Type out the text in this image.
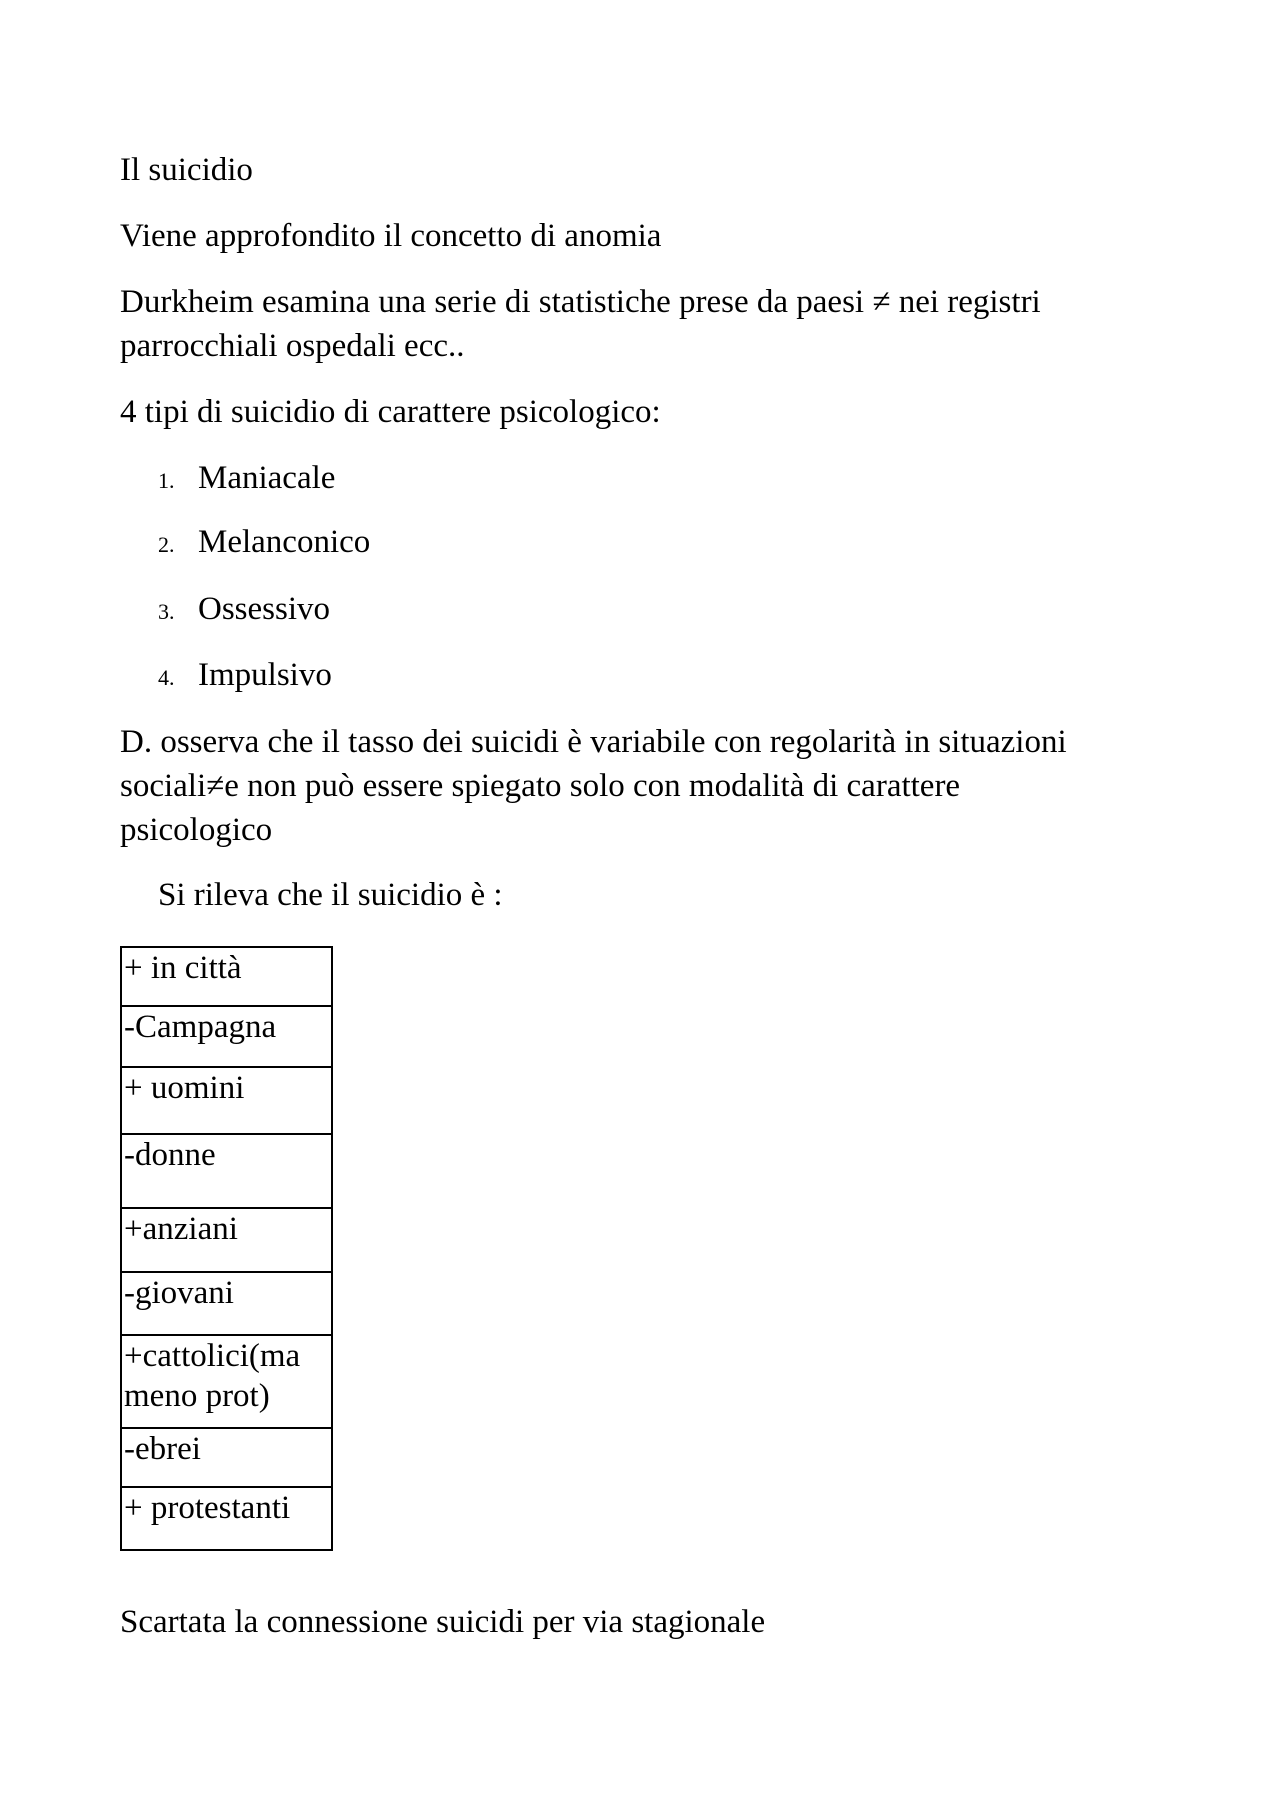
Il suicidio

Viene approfondito il concetto di anomia

Durkheim esamina una serie di statistiche prese da paesi ≠ nei registri

parrocchiali ospedali ecc..

4 tipi di suicidio di carattere psicologico:

1. Maniacale
2. Melanconico
3. Ossessivo
4. Impulsivo

D. osserva che il tasso dei suicidi è variabile con regolarità in situazioni

sociali≠e non può essere spiegato solo con modalità di carattere

psicologico

Si rileva che il suicidio è :

+ in città
-Campagna
+ uomini
-donne
+anziani
-giovani

+cattolici(ma
meno prot)

-ebrei
+ protestanti

Scartata la connessione suicidi per via stagionale
